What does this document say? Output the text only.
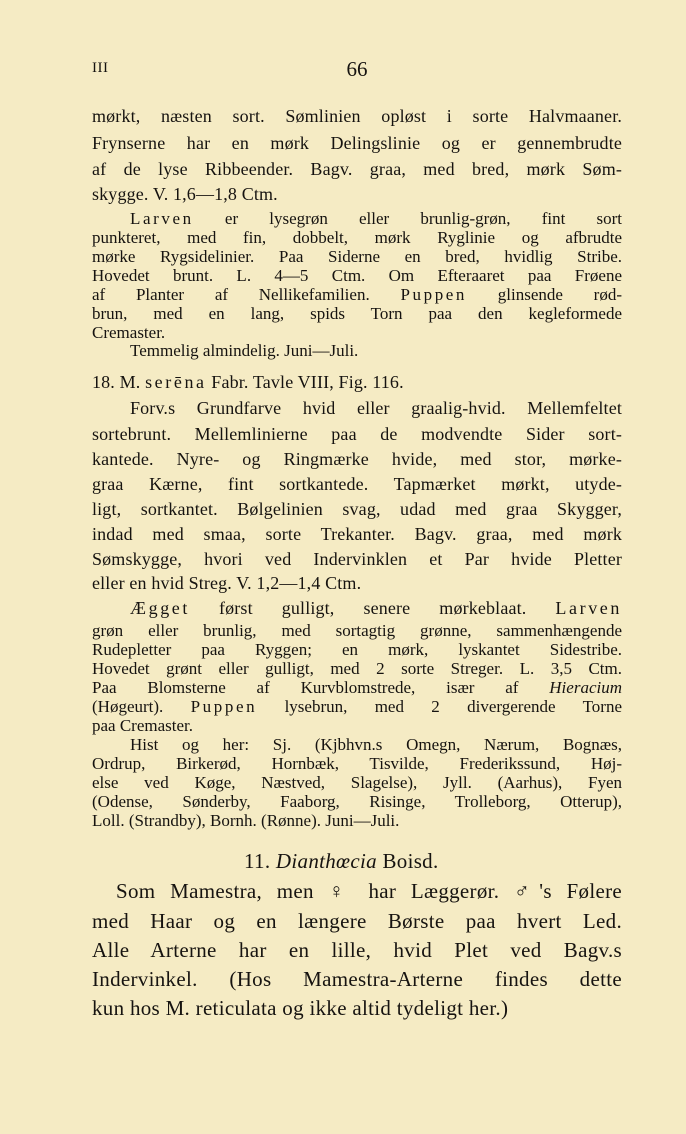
III	66
mørkt, næsten sort. Sømlinien opløst i sorte Halvmaaner.
Frynserne har en mørk Delingslinie og er gennembrudte
af de lyse Ribbeender. Bagv. graa, med bred, mørk Søm-
skygge. V. 1,6—1,8 Ctm.
Larven er lysegrøn eller brunlig-grøn, fint sort
punkteret, med fin, dobbelt, mørk Ryglinie og afbrudte
mørke Rygsidelinier. Paa Siderne en bred, hvidlig Stribe.
Hovedet brunt. L. 4—5 Ctm. Om Efteraaret paa Frøene
af Planter af Nellikefamilien. Puppen glinsende rød-
brun, med en lang, spids Torn paa den kegleformede
Cremaster.
Temmelig almindelig. Juni—Juli.
18. M. serēna Fabr. Tavle VIII, Fig. 116.
Forv.s Grundfarve hvid eller graalig-hvid. Mellemfeltet
sortebrunt. Mellemlinierne paa de modvendte Sider sort-
kantede. Nyre- og Ringmærke hvide, med stor, mørke-
graa Kærne, fint sortkantede. Tapmærket mørkt, utyde-
ligt, sortkantet. Bølgelinien svag, udad med graa Skygger,
indad med smaa, sorte Trekanter. Bagv. graa, med mørk
Sømskygge, hvori ved Indervinklen et Par hvide Pletter
eller en hvid Streg. V. 1,2—1,4 Ctm.
Ægget først gulligt, senere mørkeblaat. Larven
grøn eller brunlig, med sortagtig grønne, sammenhængende
Rudepletter paa Ryggen; en mørk, lyskantet Sidestribe.
Hovedet grønt eller gulligt, med 2 sorte Streger. L. 3,5 Ctm.
Paa Blomsterne af Kurvblomstrede, især af Hieracium
(Høgeurt). Puppen lysebrun, med 2 divergerende Torne
paa Cremaster.
Hist og her: Sj. (Kjbhvn.s Omegn, Nærum, Bognæs,
Ordrup, Birkerød, Hornbæk, Tisvilde, Frederikssund, Høj-
else ved Køge, Næstved, Slagelse), Jyll. (Aarhus), Fyen
(Odense, Sønderby, Faaborg, Risinge, Trolleborg, Otterup),
Loll. (Strandby), Bornh. (Rønne). Juni—Juli.
11. Dianthœcia Boisd.
Som Mamestra, men ♀ har Læggerør. ♂'s Følere
med Haar og en længere Børste paa hvert Led.
Alle Arterne har en lille, hvid Plet ved Bagv.s
Indervinkel. (Hos Mamestra-Arterne findes dette
kun hos M. reticulata og ikke altid tydeligt her.)
